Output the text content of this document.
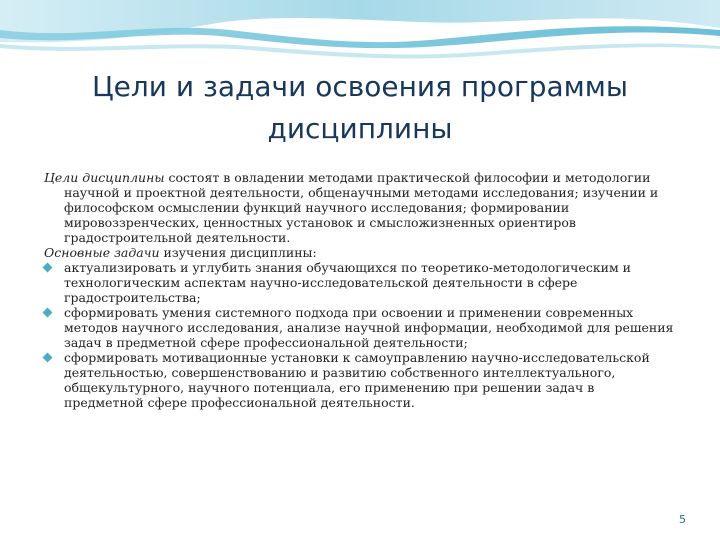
Цели и задачи освоения программы дисциплины

Цели дисциплины состоят в овладении методами практической философии и методологии научной и проектной деятельности, общенаучными методами исследования; изучении и философском осмыслении функций научного исследования; формировании мировоззренческих, ценностных установок и смысложизненных ориентиров градостроительной деятельности.

Основные задачи изучения дисциплины:

актуализировать и углубить знания обучающихся по теоретико-методологическим и технологическим аспектам научно-исследовательской деятельности в сфере градостроительства;
сформировать умения системного подхода при освоении и применении современных методов научного исследования, анализе научной информации, необходимой для решения задач в предметной сфере профессиональной деятельности;
сформировать мотивационные установки к самоуправлению научно-исследовательской деятельностью, совершенствованию и развитию собственного интеллектуального, общекультурного, научного потенциала, его применению при решении задач в предметной сфере профессиональной деятельности.
5
